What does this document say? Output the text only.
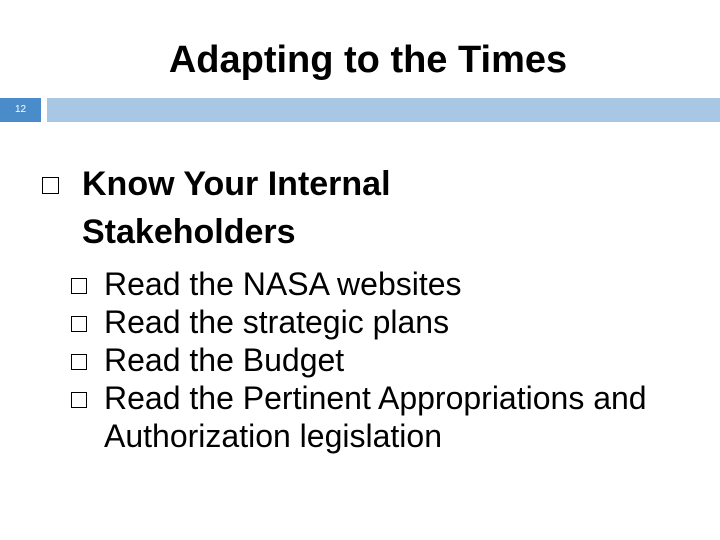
Adapting to the Times
12
Know Your Internal Stakeholders
Read the NASA websites
Read the strategic plans
Read the Budget
Read the Pertinent Appropriations and Authorization legislation
